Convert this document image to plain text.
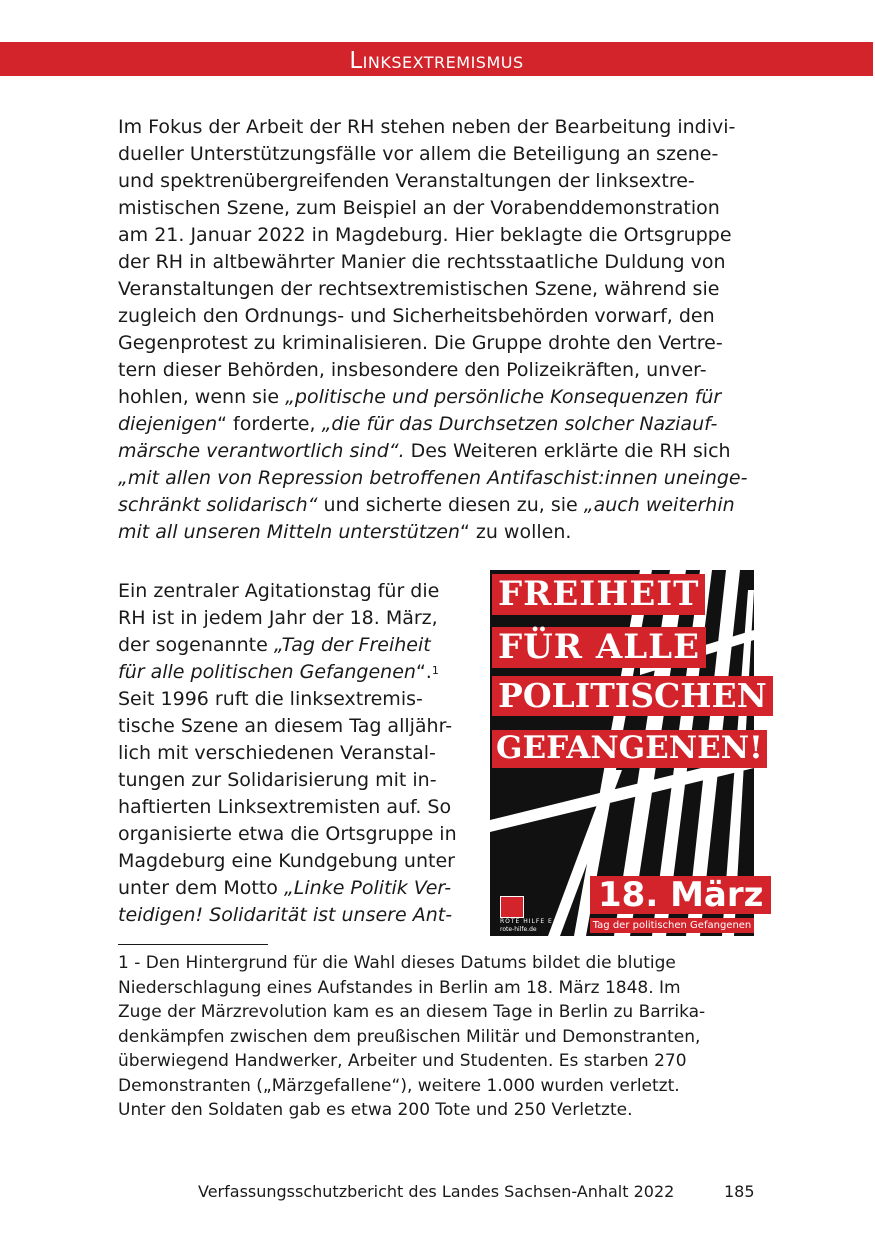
Linksextremismus
Im Fokus der Arbeit der RH stehen neben der Bearbeitung indivi-
dueller Unterstützungsfälle vor allem die Beteiligung an szene-
und spektrenübergreifenden Veranstaltungen der linksextre-
mistischen Szene, zum Beispiel an der Vorabenddemonstration
am 21. Januar 2022 in Magdeburg. Hier beklagte die Ortsgruppe
der RH in altbewährter Manier die rechtsstaatliche Duldung von
Veranstaltungen der rechtsextremistischen Szene, während sie
zugleich den Ordnungs- und Sicherheitsbehörden vorwarf, den
Gegenprotest zu kriminalisieren. Die Gruppe drohte den Vertre-
tern dieser Behörden, insbesondere den Polizeikräften, unver-
hohlen, wenn sie „politische und persönliche Konsequenzen für
diejenigen“ forderte, „die für das Durchsetzen solcher Naziauf-
märsche verantwortlich sind“. Des Weiteren erklärte die RH sich
„mit allen von Repression betroffenen Antifaschist:innen uneinge-
schränkt solidarisch“ und sicherte diesen zu, sie „auch weiterhin
mit all unseren Mitteln unterstützen“ zu wollen.
Ein zentraler Agitationstag für die
RH ist in jedem Jahr der 18. März,
der sogenannte „Tag der Freiheit
für alle politischen Gefangenen“.$^1$
Seit 1996 ruft die linksextremis-
tische Szene an diesem Tag alljähr-
lich mit verschiedenen Veranstal-
tungen zur Solidarisierung mit in-
haftierten Linksextremisten auf. So
organisierte etwa die Ortsgruppe in
Magdeburg eine Kundgebung unter
unter dem Motto „Linke Politik Ver-
teidigen! Solidarität ist unsere Ant-
FREIHEIT
FÜR ALLE
POLITISCHEN
GEFANGENEN!
ROTE HILFE E.V.
rote-hilfe.de
18. März
Tag der politischen Gefangenen
1 - Den Hintergrund für die Wahl dieses Datums bildet die blutige
Niederschlagung eines Aufstandes in Berlin am 18. März 1848. Im
Zuge der Märzrevolution kam es an diesem Tage in Berlin zu Barrika-
denkämpfen zwischen dem preußischen Militär und Demonstranten,
überwiegend Handwerker, Arbeiter und Studenten. Es starben 270
Demonstranten („Märzgefallene“), weitere 1.000 wurden verletzt.
Unter den Soldaten gab es etwa 200 Tote und 250 Verletzte.
Verfassungsschutzbericht des Landes Sachsen-Anhalt 2022	185
